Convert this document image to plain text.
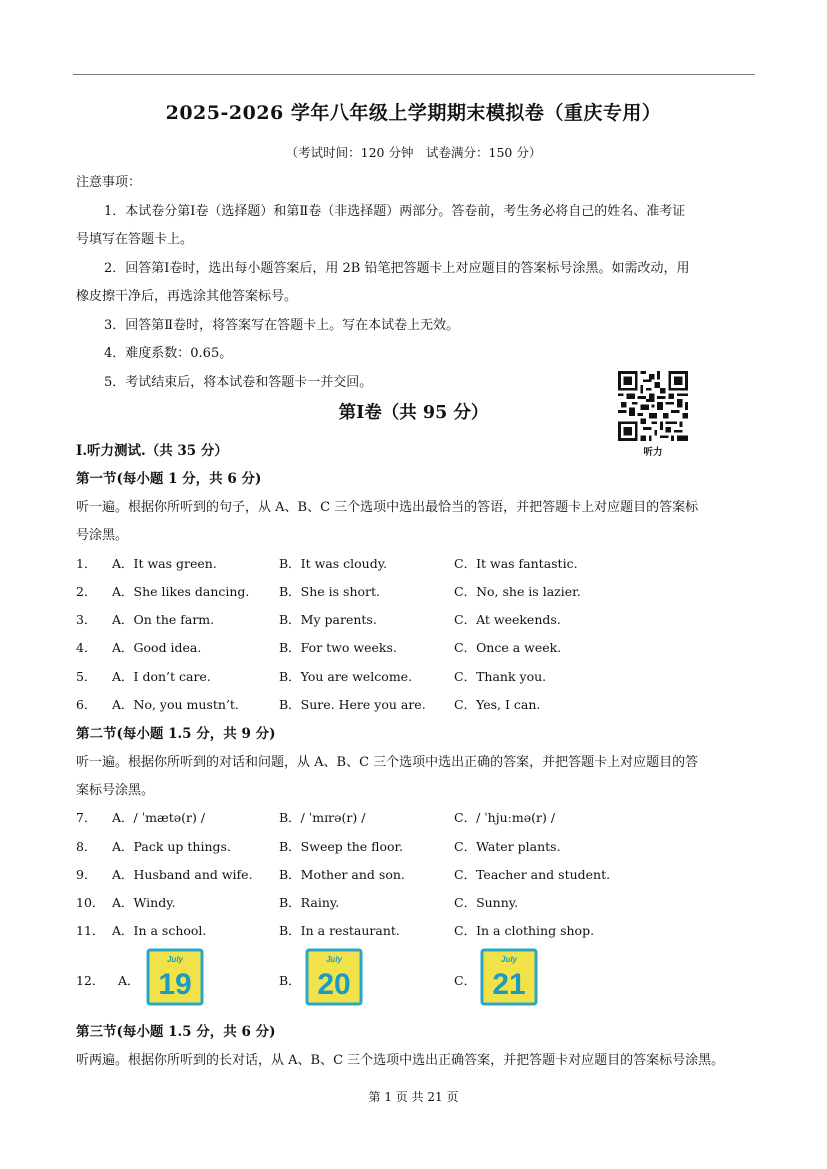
2025-2026 学年八年级上学期期末模拟卷（重庆专用）
（考试时间：120 分钟　试卷满分：150 分）
注意事项：
1．本试卷分第Ⅰ卷（选择题）和第Ⅱ卷（非选择题）两部分。答卷前，考生务必将自己的姓名、准考证
号填写在答题卡上。
2．回答第Ⅰ卷时，选出每小题答案后，用 2B 铅笔把答题卡上对应题目的答案标号涂黑。如需改动，用
橡皮擦干净后，再选涂其他答案标号。
3．回答第Ⅱ卷时，将答案写在答题卡上。写在本试卷上无效。
4．难度系数：0.65。
5．考试结束后，将本试卷和答题卡一并交回。
第Ⅰ卷（共 95 分）
听力
Ⅰ.听力测试.（共 35 分）
第一节(每小题 1 分，共 6 分)
听一遍。根据你所听到的句子，从 A、B、C 三个选项中选出最恰当的答语，并把答题卡上对应题目的答案标
号涂黑。
1． A．It was green.	B．It was cloudy.	C．It was fantastic.
2． A．She likes dancing. B．She is short.	C．No, she is lazier.
3． A．On the farm.	B．My parents.	C．At weekends.
4． A．Good idea.	B．For two weeks.	C．Once a week.
5． A．I don’t care.	B．You are welcome.	C．Thank you.
6． A．No, you mustn’t.	B．Sure. Here you are. C．Yes, I can.
第二节(每小题 1.5 分，共 9 分)
听一遍。根据你所听到的对话和问题，从 A、B、C 三个选项中选出正确的答案，并把答题卡上对应题目的答
案标号涂黑。
7． A．/ ˈmætə(r) /	B．/ ˈmɪrə(r) /	C．/ ˈhjuːmə(r) /
8． A．Pack up things.	B．Sweep the floor.	C．Water plants.
9． A．Husband and wife. B．Mother and son.	C．Teacher and student.
10． A．Windy.	B．Rainy.	C．Sunny.
11． A．In a school.	B．In a restaurant.	C．In a clothing shop.
12． A．	B．	C．
July
19
July
20
July
21
第三节(每小题 1.5 分，共 6 分)
听两遍。根据你所听到的长对话，从 A、B、C 三个选项中选出正确答案，并把答题卡对应题目的答案标号涂黑。
第 1 页 共 21 页
